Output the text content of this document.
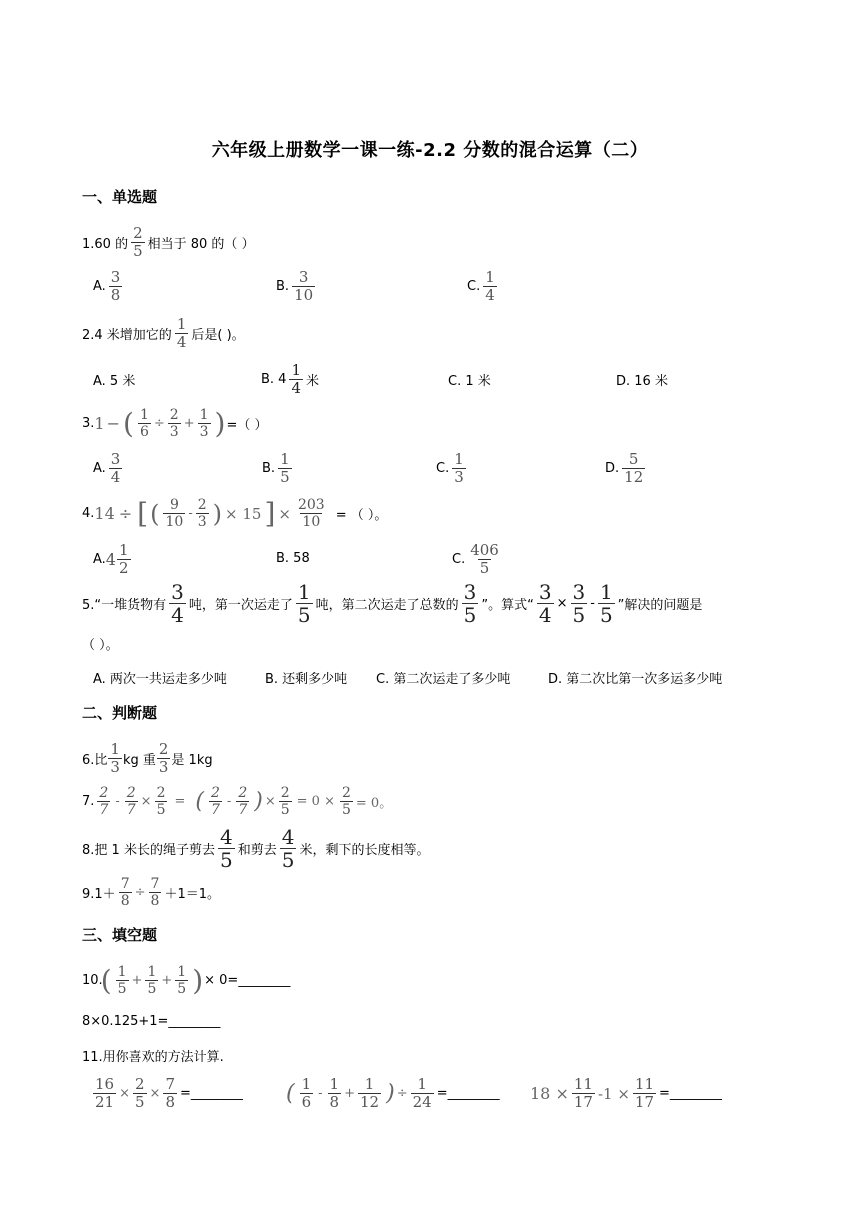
六年级上册数学一课一练-2.2 分数的混合运算（二）
一、单选题
1.60 的 $\frac{2}{5}$ 相当于 80 的（ ）
A. $\frac{3}{8}$	B. $\frac{3}{10}$	C. $\frac{1}{4}$
2.4 米增加它的 $\frac{1}{4}$ 后是( )。
A. 5 米	B. $4 \frac{1}{4}$ 米	C. 1 米	D. 16 米
3. 1 − ( $\frac{1}{6} \div \frac{2}{3} + \frac{1}{3}$ ) =（ ）
A. $\frac{3}{4}$	B. $\frac{1}{5}$	C. $\frac{1}{3}$	D. $\frac{5}{12}$
4. 14 ÷ [ ( $\frac{9}{10} - \frac{2}{3}$ ) × 15 ] × $\frac{203}{10}$ = （ ）。
A. $4 \frac{1}{2}$	B. 58	C. $\frac{406}{5}$
5.“一堆货物有 $\frac{3}{4}$ 吨，第一次运走了 $\frac{1}{5}$ 吨，第二次运走了总数的 $\frac{3}{5}$ ”。算式“ $\frac{3}{4} \times \frac{3}{5} - \frac{1}{5}$ ”解决的问题是
（ ）。
A. 两次一共运走多少吨	B. 还剩多少吨 C. 第二次运走了多少吨	D. 第二次比第一次多运多少吨
二、判断题
6.比 $\frac{1}{3}$ kg 重 $\frac{2}{3}$ 是 1kg
7. $\frac{2}{7} - \frac{2}{7} \times \frac{2}{5}$ = ( $\frac{2}{7} - \frac{2}{7}$ ) × $\frac{2}{5} = 0 \times \frac{2}{5} = 0$。
8.把 1 米长的绳子剪去 $\frac{4}{5}$ 和剪去 $\frac{4}{5}$ 米，剩下的长度相等。
$9.1+ \frac{7}{8} \div \frac{7}{8} +1=1$。
三、填空题
10.
( $\frac{1}{5} + \frac{1}{5} + \frac{1}{5}$ ) × 0=________
8×0.125+1=________
11.用你喜欢的方法计算.
$\frac{16}{21} \times \frac{2}{5} \times \frac{7}{8}$ =________ ( $\frac{1}{6} - \frac{1}{8} + \frac{1}{12}$ ) ÷ $\frac{1}{24}$ =________ $18 \times \frac{11}{17} -1 \times \frac{11}{17}$ =________
